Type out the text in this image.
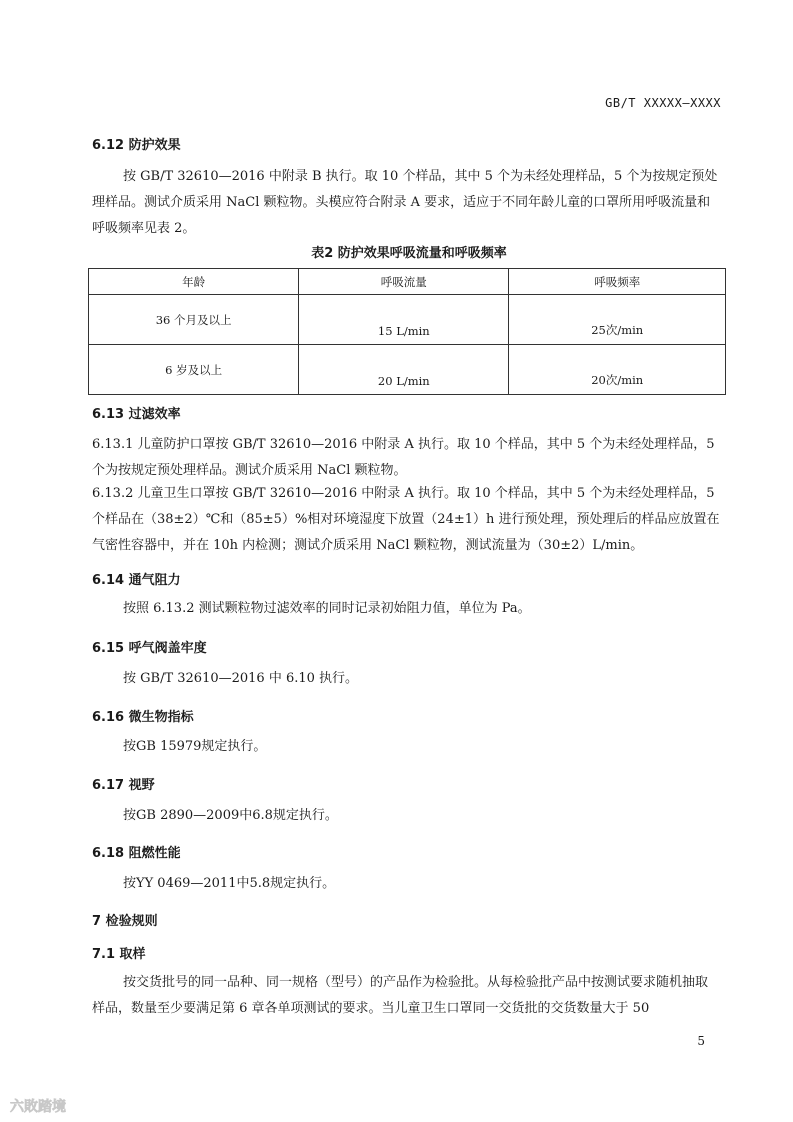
GB/T XXXXX—XXXX
6.12 防护效果
按 GB/T 32610—2016 中附录 B 执行。取 10 个样品，其中 5 个为未经处理样品，5 个为按规定预处理样品。测试介质采用 NaCl 颗粒物。头模应符合附录 A 要求，适应于不同年龄儿童的口罩所用呼吸流量和呼吸频率见表 2。
表2 防护效果呼吸流量和呼吸频率
年龄	呼吸流量	呼吸频率
36 个月及以上	15 L/min	25次/min
6 岁及以上	20 L/min	20次/min
6.13 过滤效率
6.13.1 儿童防护口罩按 GB/T 32610—2016 中附录 A 执行。取 10 个样品，其中 5 个为未经处理样品，5 个为按规定预处理样品。测试介质采用 NaCl 颗粒物。
6.13.2 儿童卫生口罩按 GB/T 32610—2016 中附录 A 执行。取 10 个样品，其中 5 个为未经处理样品，5 个样品在（38±2）℃和（85±5）%相对环境湿度下放置（24±1）h 进行预处理，预处理后的样品应放置在气密性容器中，并在 10h 内检测；测试介质采用 NaCl 颗粒物，测试流量为（30±2）L/min。
6.14 通气阻力
按照 6.13.2 测试颗粒物过滤效率的同时记录初始阻力值，单位为 Pa。
6.15 呼气阀盖牢度
按 GB/T 32610—2016 中 6.10 执行。
6.16 微生物指标
按GB 15979规定执行。
6.17 视野
按GB 2890—2009中6.8规定执行。
6.18 阻燃性能
按YY 0469—2011中5.8规定执行。
7 检验规则
7.1 取样
按交货批号的同一品种、同一规格（型号）的产品作为检验批。从每检验批产品中按测试要求随机抽取样品，数量至少要满足第 6 章各单项测试的要求。当儿童卫生口罩同一交货批的交货数量大于 50
5
六敗踏境
